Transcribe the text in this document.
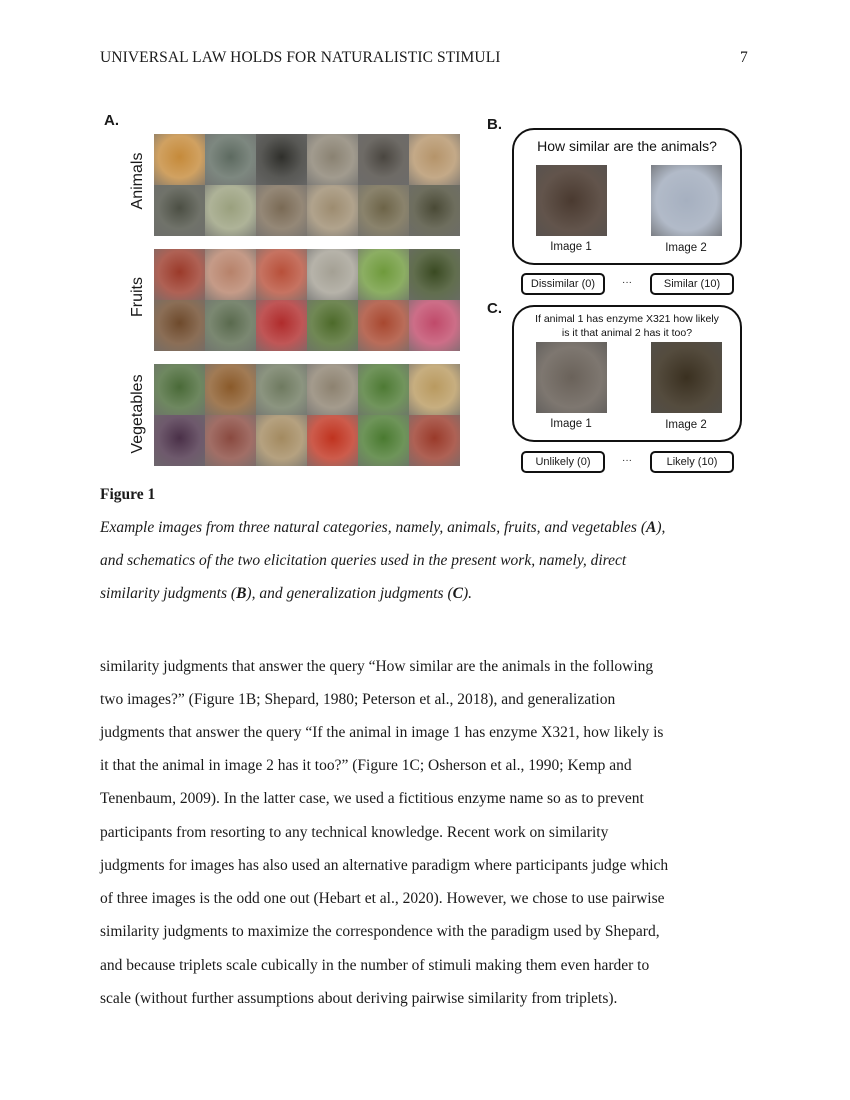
UNIVERSAL LAW HOLDS FOR NATURALISTIC STIMULI	7
A.
Animals
Fruits
Vegetables
B.
How similar are the animals?
Image 1	Image 2
Dissimilar (0)	···	Similar (10)
C.
If animal 1 has enzyme X321 how likely
is it that animal 2 has it too?
Image 1	Image 2
Unlikely (0)	···	Likely (10)
Figure 1
Example images from three natural categories, namely, animals, fruits, and vegetables (A),
and schematics of the two elicitation queries used in the present work, namely, direct
similarity judgments (B), and generalization judgments (C).
similarity judgments that answer the query “How similar are the animals in the following
two images?” (Figure 1B; Shepard, 1980; Peterson et al., 2018), and generalization
judgments that answer the query “If the animal in image 1 has enzyme X321, how likely is
it that the animal in image 2 has it too?” (Figure 1C; Osherson et al., 1990; Kemp and
Tenenbaum, 2009). In the latter case, we used a fictitious enzyme name so as to prevent
participants from resorting to any technical knowledge. Recent work on similarity
judgments for images has also used an alternative paradigm where participants judge which
of three images is the odd one out (Hebart et al., 2020). However, we chose to use pairwise
similarity judgments to maximize the correspondence with the paradigm used by Shepard,
and because triplets scale cubically in the number of stimuli making them even harder to
scale (without further assumptions about deriving pairwise similarity from triplets).
